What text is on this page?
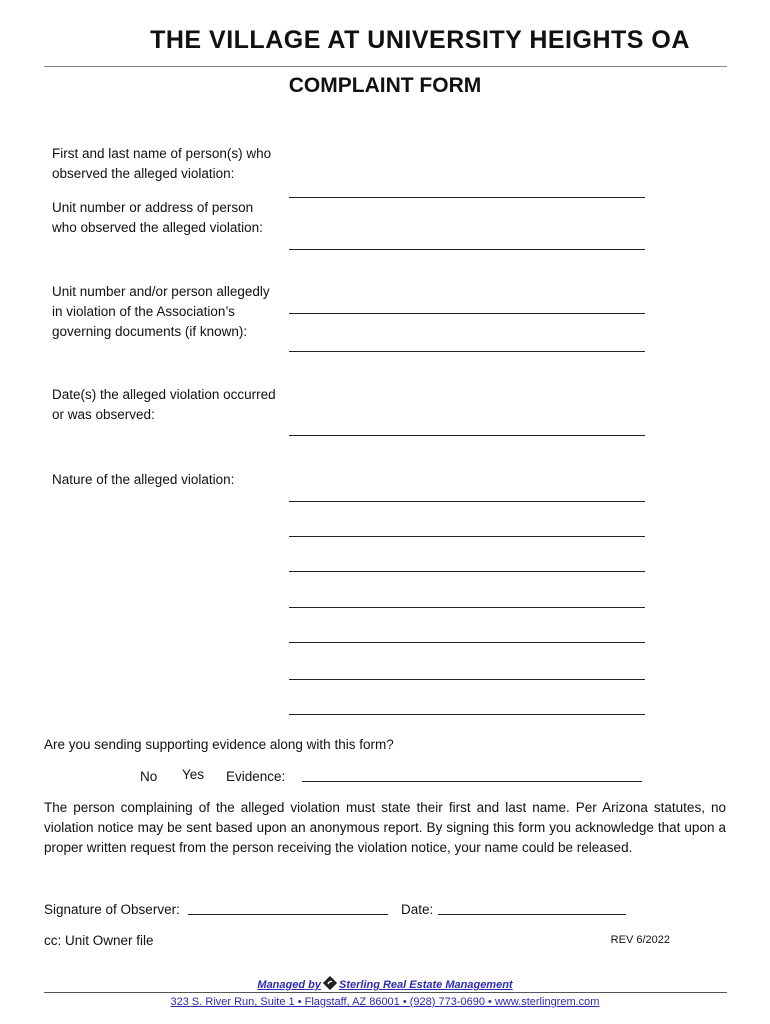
THE VILLAGE AT UNIVERSITY HEIGHTS OA
COMPLAINT FORM
First and last name of person(s) who
observed the alleged violation:
Unit number or address of person
who observed the alleged violation:
Unit number and/or person allegedly
in violation of the Association’s
governing documents (if known):
Date(s) the alleged violation occurred
or was observed:
Nature of the alleged violation:
Are you sending supporting evidence along with this form?
No Yes Evidence:
The person complaining of the alleged violation must state their first and last name. Per Arizona statutes, no violation notice may be sent based upon an anonymous report. By signing this form you acknowledge that upon a proper written request from the person receiving the violation notice, your name could be released.
Signature of Observer:	Date:
cc: Unit Owner file	REV 6/2022
Managed by Sterling Real Estate Management
323 S. River Run, Suite 1 • Flagstaff, AZ 86001 • (928) 773-0690 • www.sterlingrem.com
